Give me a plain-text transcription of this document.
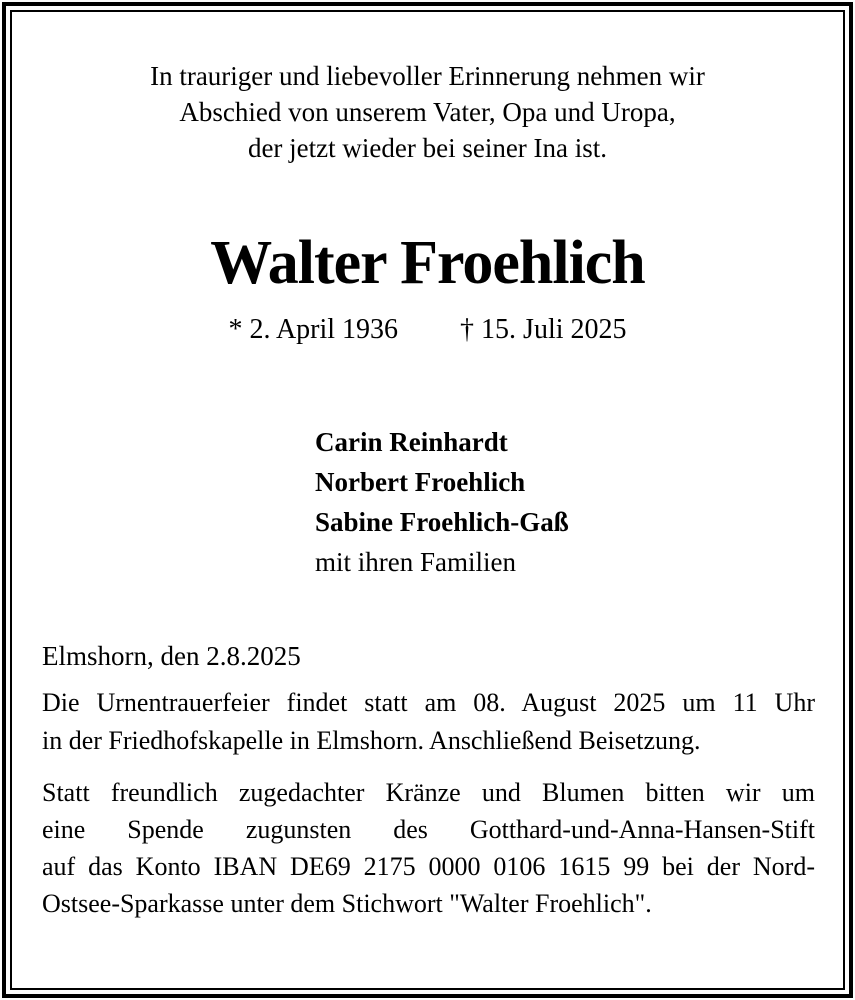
In trauriger und liebevoller Erinnerung nehmen wir
Abschied von unserem Vater, Opa und Uropa,
der jetzt wieder bei seiner Ina ist.
Walter Froehlich
* 2. April 1936 † 15. Juli 2025
Carin Reinhardt
Norbert Froehlich
Sabine Froehlich-Gaß
mit ihren Familien
Elmshorn, den 2.8.2025
Die Urnentrauerfeier findet statt am 08. August 2025 um 11 Uhr
in der Friedhofskapelle in Elmshorn. Anschließend Beisetzung.
Statt freundlich zugedachter Kränze und Blumen bitten wir um
eine Spende zugunsten des Gotthard-und-Anna-Hansen-Stift
auf das Konto IBAN DE69 2175 0000 0106 1615 99 bei der Nord-
Ostsee-Sparkasse unter dem Stichwort "Walter Froehlich".
